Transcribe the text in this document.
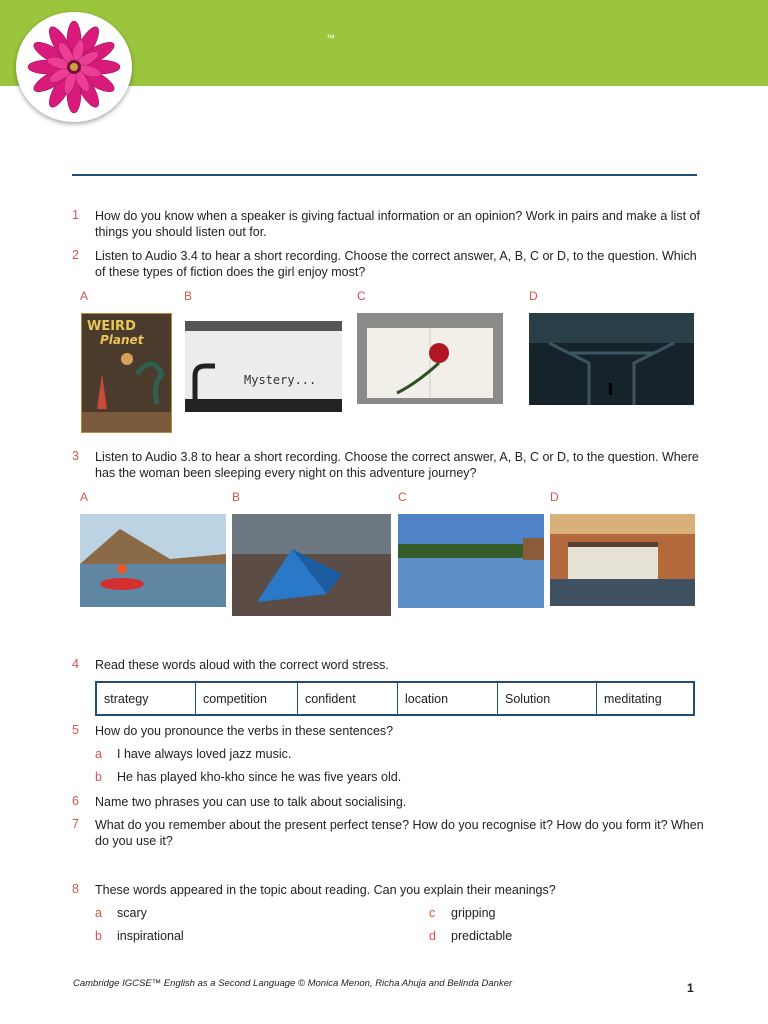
™
1 How do you know when a speaker is giving factual information or an opinion? Work in pairs and make a list of things you should listen out for.
2 Listen to Audio 3.4 to hear a short recording. Choose the correct answer, A, B, C or D, to the question. Which of these types of fiction does the girl enjoy most?
A	B	C	D
WEIRD
Planet
Mystery...
3 Listen to Audio 3.8 to hear a short recording. Choose the correct answer, A, B, C or D, to the question. Where has the woman been sleeping every night on this adventure journey?
A	B	C	D
4 Read these words aloud with the correct word stress.
strategy	competition	confident	location	Solution	meditating
5 How do you pronounce the verbs in these sentences?
a I have always loved jazz music.
b He has played kho-kho since he was five years old.
6 Name two phrases you can use to talk about socialising.
7 What do you remember about the present perfect tense? How do you recognise it? How do you form it? When do you use it?
8 These words appeared in the topic about reading. Can you explain their meanings?
a scary
b inspirational
c gripping
d predictable
Cambridge IGCSE™ English as a Second Language © Monica Menon, Richa Ahuja and Belinda Danker	1
